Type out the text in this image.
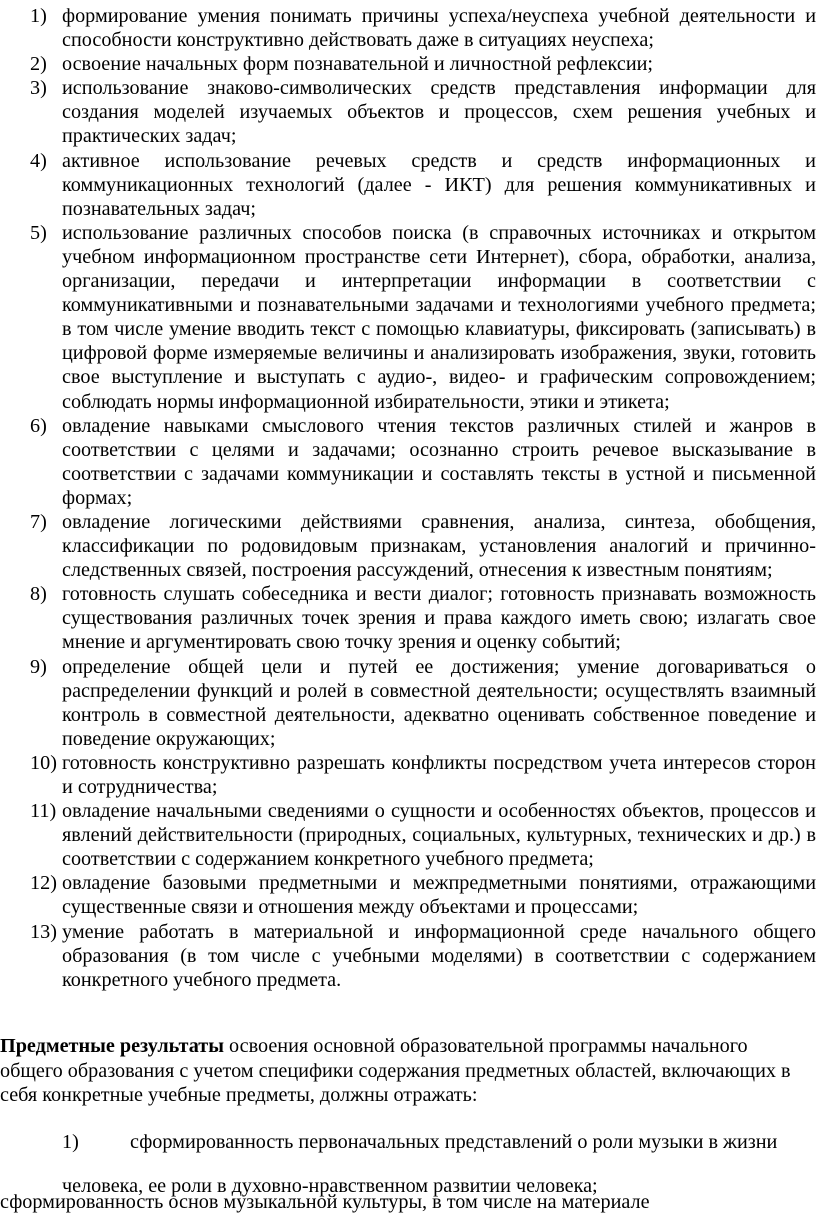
1) формирование умения понимать причины успеха/неуспеха учебной деятельности и способности конструктивно действовать даже в ситуациях неуспеха;
2) освоение начальных форм познавательной и личностной рефлексии;
3) использование знаково-символических средств представления информации для создания моделей изучаемых объектов и процессов, схем решения учебных и практических задач;
4) активное использование речевых средств и средств информационных и коммуникационных технологий (далее - ИКТ) для решения коммуникативных и познавательных задач;
5) использование различных способов поиска (в справочных источниках и открытом учебном информационном пространстве сети Интернет), сбора, обработки, анализа, организации, передачи и интерпретации информации в соответствии с коммуникативными и познавательными задачами и технологиями учебного предмета; в том числе умение вводить текст с помощью клавиатуры, фиксировать (записывать) в цифровой форме измеряемые величины и анализировать изображения, звуки, готовить свое выступление и выступать с аудио-, видео- и графическим сопровождением; соблюдать нормы информационной избирательности, этики и этикета;
6) овладение навыками смыслового чтения текстов различных стилей и жанров в соответствии с целями и задачами; осознанно строить речевое высказывание в соответствии с задачами коммуникации и составлять тексты в устной и письменной формах;
7) овладение логическими действиями сравнения, анализа, синтеза, обобщения, классификации по родовидовым признакам, установления аналогий и причинно-следственных связей, построения рассуждений, отнесения к известным понятиям;
8) готовность слушать собеседника и вести диалог; готовность признавать возможность существования различных точек зрения и права каждого иметь свою; излагать свое мнение и аргументировать свою точку зрения и оценку событий;
9) определение общей цели и путей ее достижения; умение договариваться о распределении функций и ролей в совместной деятельности; осуществлять взаимный контроль в совместной деятельности, адекватно оценивать собственное поведение и поведение окружающих;
10) готовность конструктивно разрешать конфликты посредством учета интересов сторон и сотрудничества;
11) овладение начальными сведениями о сущности и особенностях объектов, процессов и явлений действительности (природных, социальных, культурных, технических и др.) в соответствии с содержанием конкретного учебного предмета;
12) овладение базовыми предметными и межпредметными понятиями, отражающими существенные связи и отношения между объектами и процессами;
13) умение работать в материальной и информационной среде начального общего образования (в том числе с учебными моделями) в соответствии с содержанием конкретного учебного предмета.

Предметные результаты освоения основной образовательной программы начального общего образования с учетом специфики содержания предметных областей, включающих в себя конкретные учебные предметы, должны отражать:

1)	сформированность первоначальных представлений о роли музыки в жизни
человека, ее роли в духовно-нравственном развитии человека;
сформированность основ музыкальной культуры, в том числе на материале
